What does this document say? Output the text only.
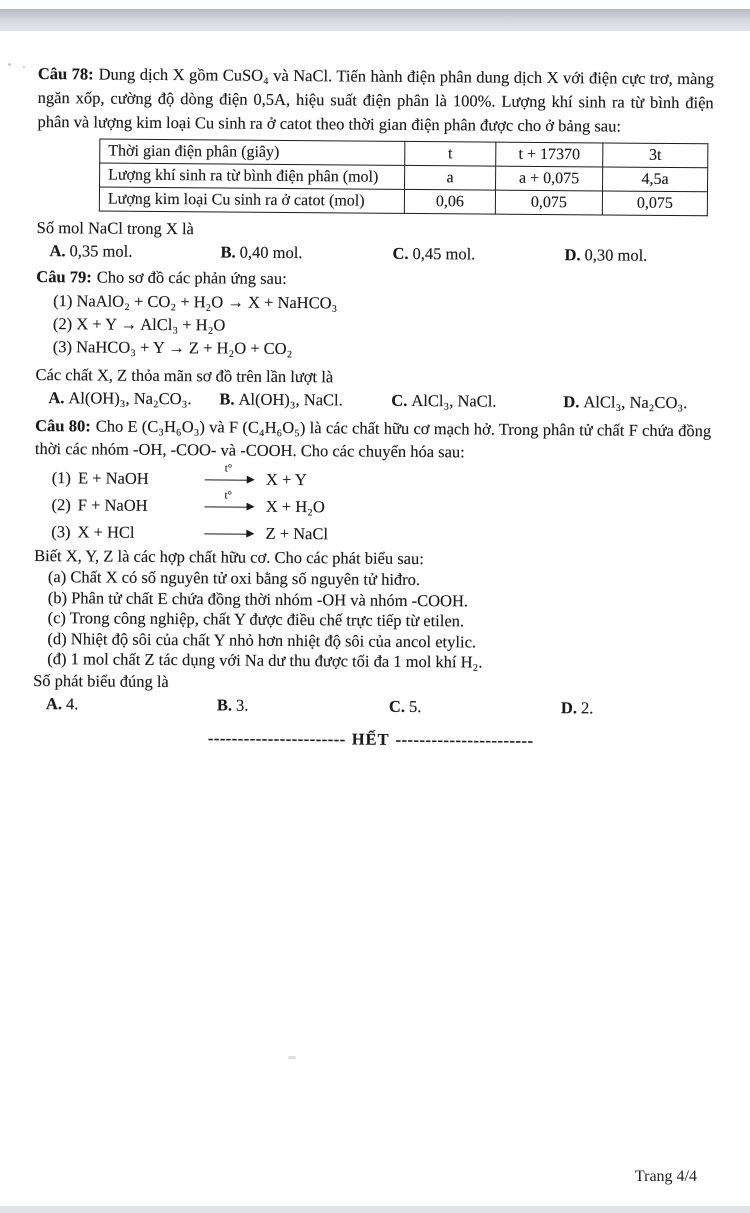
Câu 78: Dung dịch X gồm CuSO₄ và NaCl. Tiến hành điện phân dung dịch X với điện cực trơ, màng ngăn xốp, cường độ dòng điện 0,5A, hiệu suất điện phân là 100%. Lượng khí sinh ra từ bình điện phân và lượng kim loại Cu sinh ra ở catot theo thời gian điện phân được cho ở bảng sau:

Thời gian điện phân (giây)	t	t + 17370	3t
Lượng khí sinh ra từ bình điện phân (mol)	a	a + 0,075	4,5a
Lượng kim loại Cu sinh ra ở catot (mol)	0,06	0,075	0,075

Số mol NaCl trong X là

A. 0,35 mol.	B. 0,40 mol.	C. 0,45 mol.	D. 0,30 mol.

Câu 79: Cho sơ đồ các phản ứng sau:

(1) NaAlO₂ + CO₂ + H₂O → X + NaHCO₃
(2) X + Y → AlCl₃ + H₂O
(3) NaHCO₃ + Y → Z + H₂O + CO₂

Các chất X, Z thỏa mãn sơ đồ trên lần lượt là

A. Al(OH)₃, Na₂CO₃.	B. Al(OH)₃, NaCl.	C. AlCl₃, NaCl.	D. AlCl₃, Na₂CO₃.

Câu 80: Cho E (C₃H₆O₃) và F (C₄H₆O₅) là các chất hữu cơ mạch hở. Trong phân tử chất F chứa đồng thời các nhóm -OH, -COO- và -COOH. Cho các chuyển hóa sau:

(1) E + NaOH	t°
X + Y
(2) F + NaOH	t°
X + H₂O
(3) X + HCl	Z + NaCl

Biết X, Y, Z là các hợp chất hữu cơ. Cho các phát biểu sau:

(a) Chất X có số nguyên tử oxi bằng số nguyên tử hiđro.
(b) Phân tử chất E chứa đồng thời nhóm -OH và nhóm -COOH.
(c) Trong công nghiệp, chất Y được điều chế trực tiếp từ etilen.
(d) Nhiệt độ sôi của chất Y nhỏ hơn nhiệt độ sôi của ancol etylic.
(đ) 1 mol chất Z tác dụng với Na dư thu được tối đa 1 mol khí H₂.

Số phát biểu đúng là

A. 4.	B. 3.	C. 5.	D. 2.
----------------------- HẾT -----------------------
Trang 4/4
